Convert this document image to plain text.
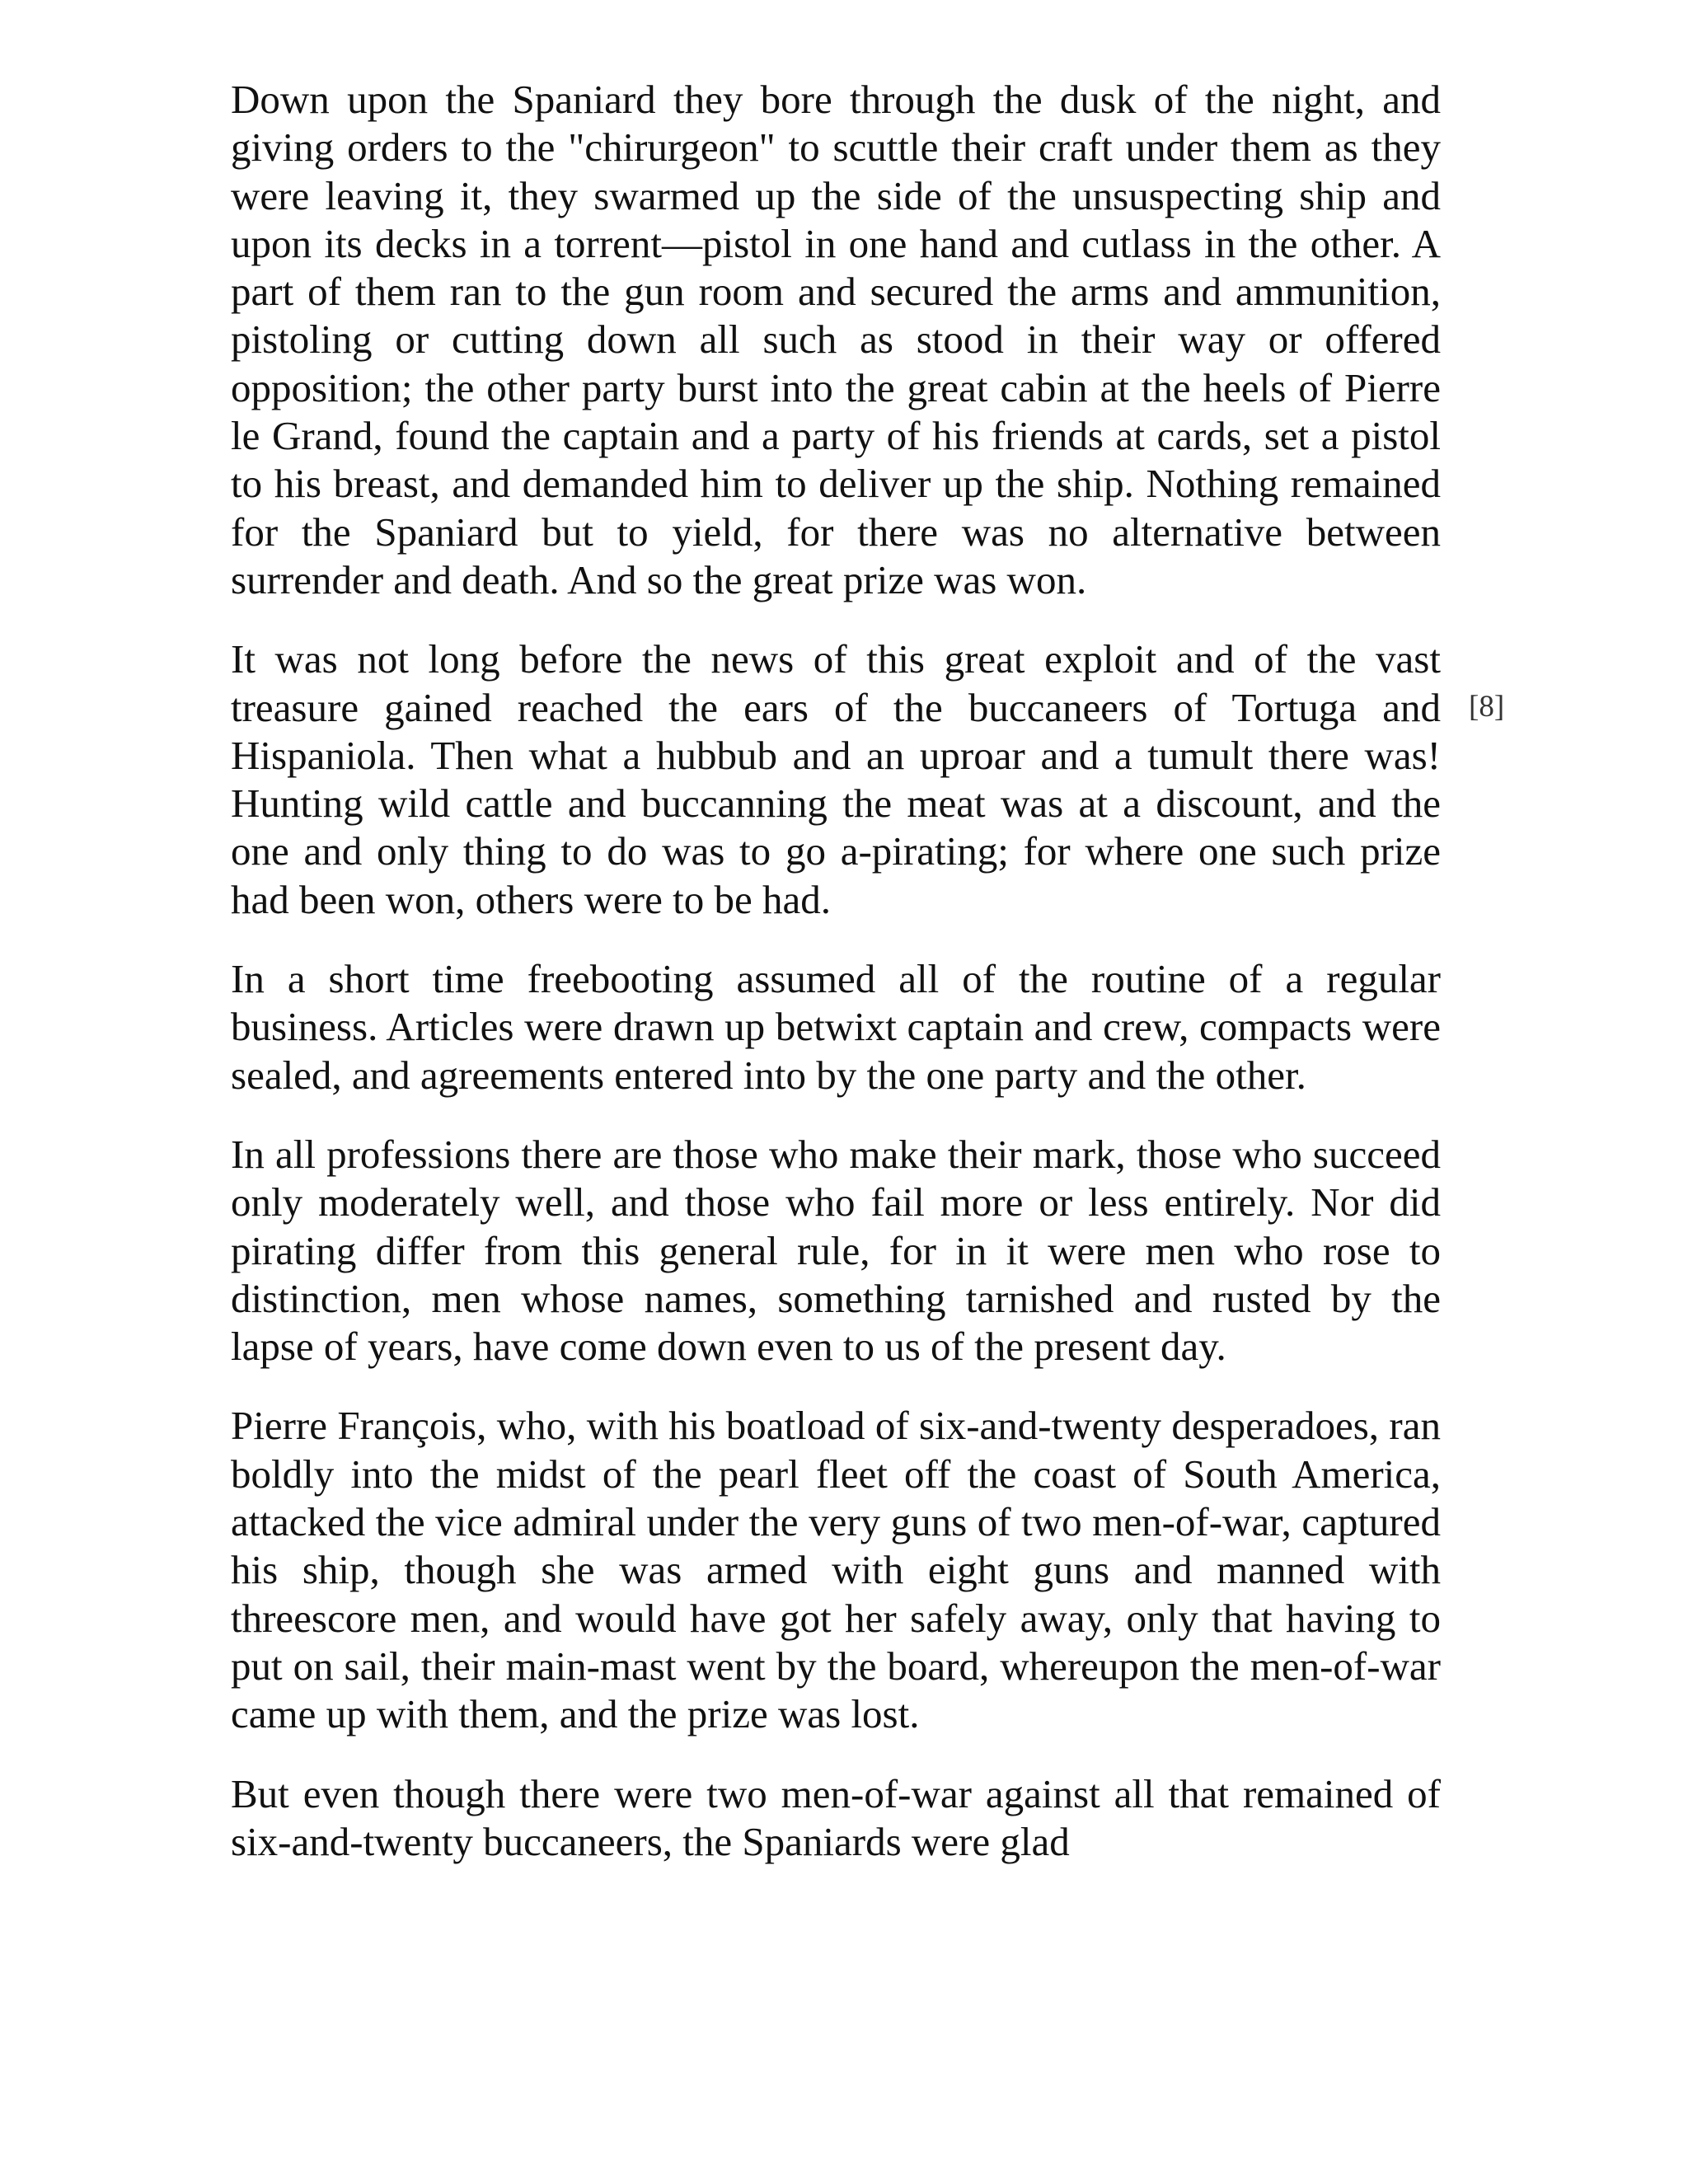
Down upon the Spaniard they bore through the dusk of the night, and giving orders to the "chirurgeon" to scuttle their craft under them as they were leaving it, they swarmed up the side of the unsuspecting ship and upon its decks in a torrent—pistol in one hand and cutlass in the other. A part of them ran to the gun room and secured the arms and ammunition, pistoling or cutting down all such as stood in their way or offered opposition; the other party burst into the great cabin at the heels of Pierre le Grand, found the captain and a party of his friends at cards, set a pistol to his breast, and demanded him to deliver up the ship. Nothing remained for the Spaniard but to yield, for there was no alternative between surrender and death. And so the great prize was won.

It was not long before the news of this great exploit and of the vast treasure gained reached the ears of the buccaneers of Tortuga and Hispaniola. Then what a hubbub and an uproar and a tumult there was! Hunting wild cattle and buccanning the meat was at a discount, and the one and only thing to do was to go a-pirating; for where one such prize had been won, others were to be had.

In a short time freebooting assumed all of the routine of a regular business. Articles were drawn up betwixt captain and crew, compacts were sealed, and agreements entered into by the one party and the other.

In all professions there are those who make their mark, those who succeed only moderately well, and those who fail more or less entirely. Nor did pirating differ from this general rule, for in it were men who rose to distinction, men whose names, something tarnished and rusted by the lapse of years, have come down even to us of the present day.

Pierre François, who, with his boatload of six-and-twenty desperadoes, ran boldly into the midst of the pearl fleet off the coast of South America, attacked the vice admiral under the very guns of two men-of-war, captured his ship, though she was armed with eight guns and manned with threescore men, and would have got her safely away, only that having to put on sail, their main-mast went by the board, whereupon the men-of-war came up with them, and the prize was lost.

But even though there were two men-of-war against all that remained of six-and-twenty buccaneers, the Spaniards were glad

[8]
